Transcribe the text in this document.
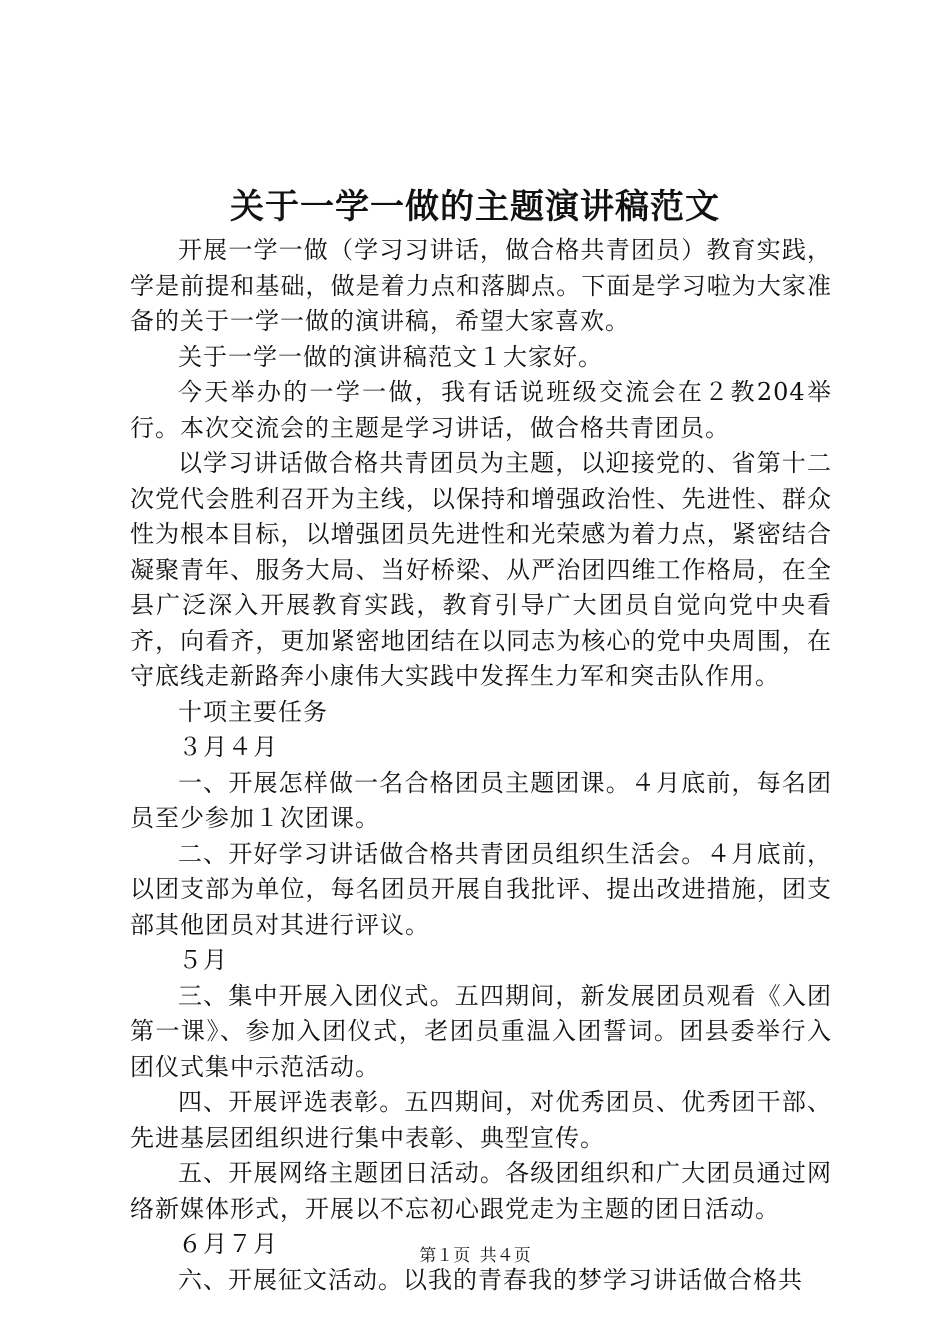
关于一学一做的主题演讲稿范文

开展一学一做（学习习讲话，做合格共青团员）教育实践，学是前提和基础，做是着力点和落脚点。下面是学习啦为大家准备的关于一学一做的演讲稿，希望大家喜欢。

关于一学一做的演讲稿范文１大家好。

今天举办的一学一做，我有话说班级交流会在２教204举行。本次交流会的主题是学习讲话，做合格共青团员。

以学习讲话做合格共青团员为主题，以迎接党的、省第十二次党代会胜利召开为主线，以保持和增强政治性、先进性、群众性为根本目标，以增强团员先进性和光荣感为着力点，紧密结合凝聚青年、服务大局、当好桥梁、从严治团四维工作格局，在全县广泛深入开展教育实践，教育引导广大团员自觉向党中央看齐，向看齐，更加紧密地团结在以同志为核心的党中央周围，在守底线走新路奔小康伟大实践中发挥生力军和突击队作用。

十项主要任务

３月４月

一、开展怎样做一名合格团员主题团课。４月底前，每名团员至少参加１次团课。

二、开好学习讲话做合格共青团员组织生活会。４月底前，以团支部为单位，每名团员开展自我批评、提出改进措施，团支部其他团员对其进行评议。

５月

三、集中开展入团仪式。五四期间，新发展团员观看《入团第一课》、参加入团仪式，老团员重温入团誓词。团县委举行入团仪式集中示范活动。

四、开展评选表彰。五四期间，对优秀团员、优秀团干部、先进基层团组织进行集中表彰、典型宣传。

五、开展网络主题团日活动。各级团组织和广大团员通过网络新媒体形式，开展以不忘初心跟党走为主题的团日活动。

６月７月

六、开展征文活动。以我的青春我的梦学习讲话做合格共

第１页 共４页
